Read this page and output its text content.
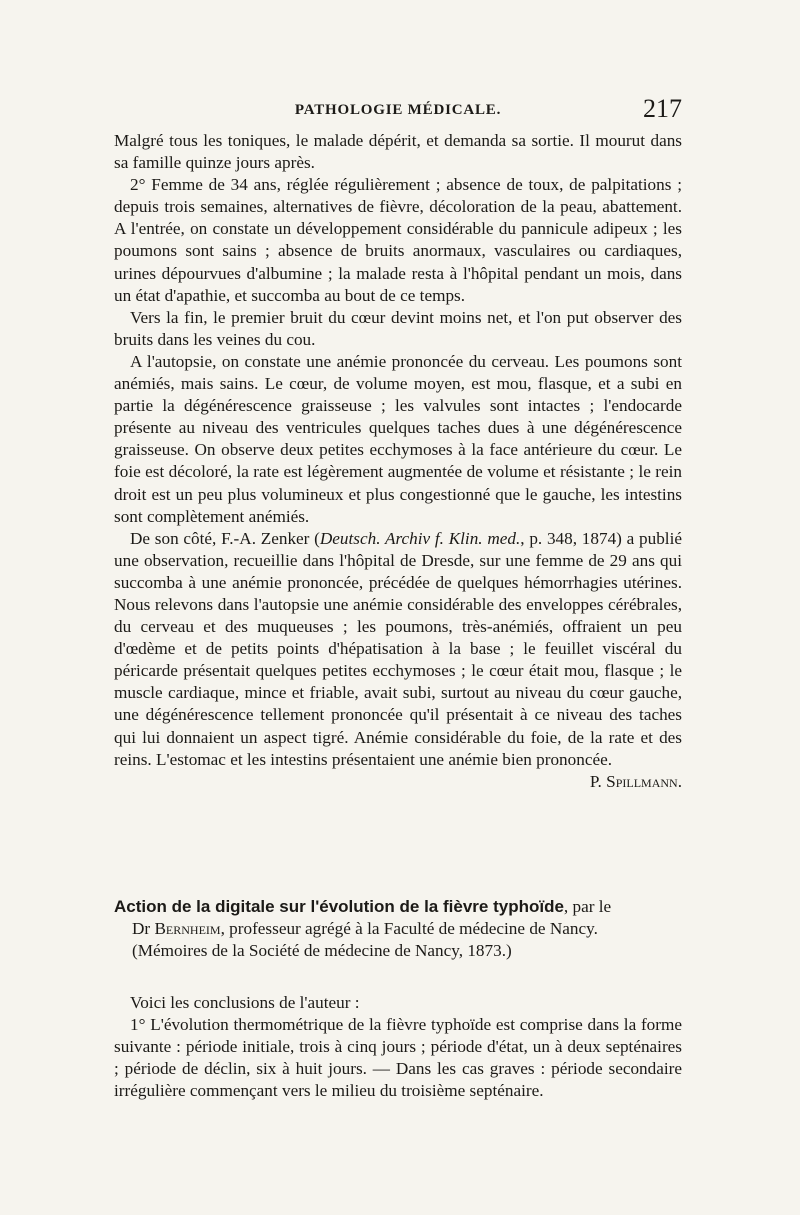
PATHOLOGIE MÉDICALE.	217

Malgré tous les toniques, le malade dépérit, et demanda sa sortie. Il mourut dans sa famille quinze jours après.

2° Femme de 34 ans, réglée régulièrement ; absence de toux, de palpitations ; depuis trois semaines, alternatives de fièvre, décoloration de la peau, abattement. A l'entrée, on constate un développement considérable du pannicule adipeux ; les poumons sont sains ; absence de bruits anormaux, vasculaires ou cardiaques, urines dépourvues d'albumine ; la malade resta à l'hôpital pendant un mois, dans un état d'apathie, et succomba au bout de ce temps.

Vers la fin, le premier bruit du cœur devint moins net, et l'on put observer des bruits dans les veines du cou.

A l'autopsie, on constate une anémie prononcée du cerveau. Les poumons sont anémiés, mais sains. Le cœur, de volume moyen, est mou, flasque, et a subi en partie la dégénérescence graisseuse ; les valvules sont intactes ; l'endocarde présente au niveau des ventricules quelques taches dues à une dégénérescence graisseuse. On observe deux petites ecchymoses à la face antérieure du cœur. Le foie est décoloré, la rate est légèrement augmentée de volume et résistante ; le rein droit est un peu plus volumineux et plus congestionné que le gauche, les intestins sont complètement anémiés.

De son côté, F.-A. Zenker (Deutsch. Archiv f. Klin. med., p. 348, 1874) a publié une observation, recueillie dans l'hôpital de Dresde, sur une femme de 29 ans qui succomba à une anémie prononcée, précédée de quelques hémorrhagies utérines. Nous relevons dans l'autopsie une anémie considérable des enveloppes cérébrales, du cerveau et des muqueuses ; les poumons, très-anémiés, offraient un peu d'œdème et de petits points d'hépatisation à la base ; le feuillet viscéral du péricarde présentait quelques petites ecchymoses ; le cœur était mou, flasque ; le muscle cardiaque, mince et friable, avait subi, surtout au niveau du cœur gauche, une dégénérescence tellement prononcée qu'il présentait à ce niveau des taches qui lui donnaient un aspect tigré. Anémie considérable du foie, de la rate et des reins. L'estomac et les intestins présentaient une anémie bien prononcée.
P. Spillmann.

Action de la digitale sur l'évolution de la fièvre typhoïde, par le
Dr Bernheim, professeur agrégé à la Faculté de médecine de Nancy.
(Mémoires de la Société de médecine de Nancy, 1873.)

Voici les conclusions de l'auteur :

1° L'évolution thermométrique de la fièvre typhoïde est comprise dans la forme suivante : période initiale, trois à cinq jours ; période d'état, un à deux septénaires ; période de déclin, six à huit jours. — Dans les cas graves : période secondaire irrégulière commençant vers le milieu du troisième septénaire.
